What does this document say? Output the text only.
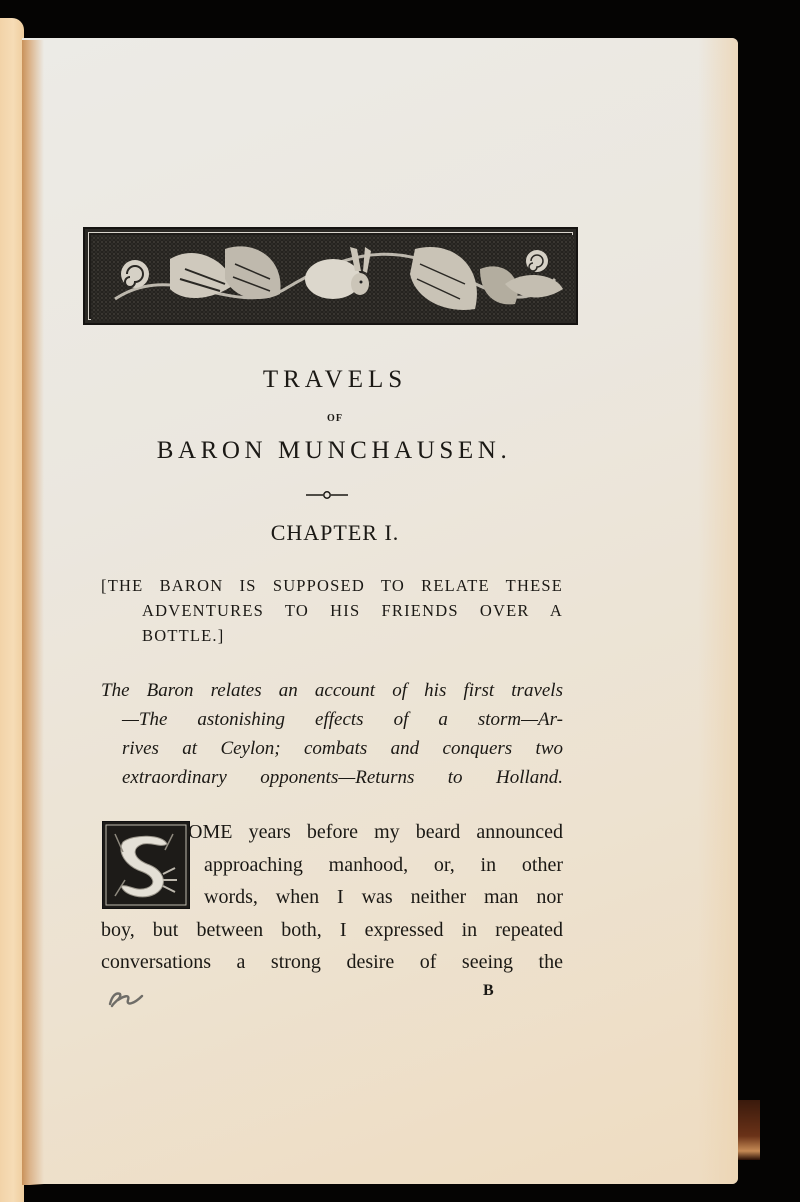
TRAVELS
OF
BARON MUNCHAUSEN.
CHAPTER I.
[THE BARON IS SUPPOSED TO RELATE THESE
ADVENTURES TO HIS FRIENDS OVER A
BOTTLE.]
The Baron relates an account of his first travels
—The astonishing effects of a storm—Ar-
rives at Ceylon; combats and conquers two
extraordinary opponents—Returns to Holland.
OME years before my beard announced
approaching manhood, or, in other
words, when I was neither man nor
boy, but between both, I expressed in repeated
conversations a strong desire of seeing the
B
